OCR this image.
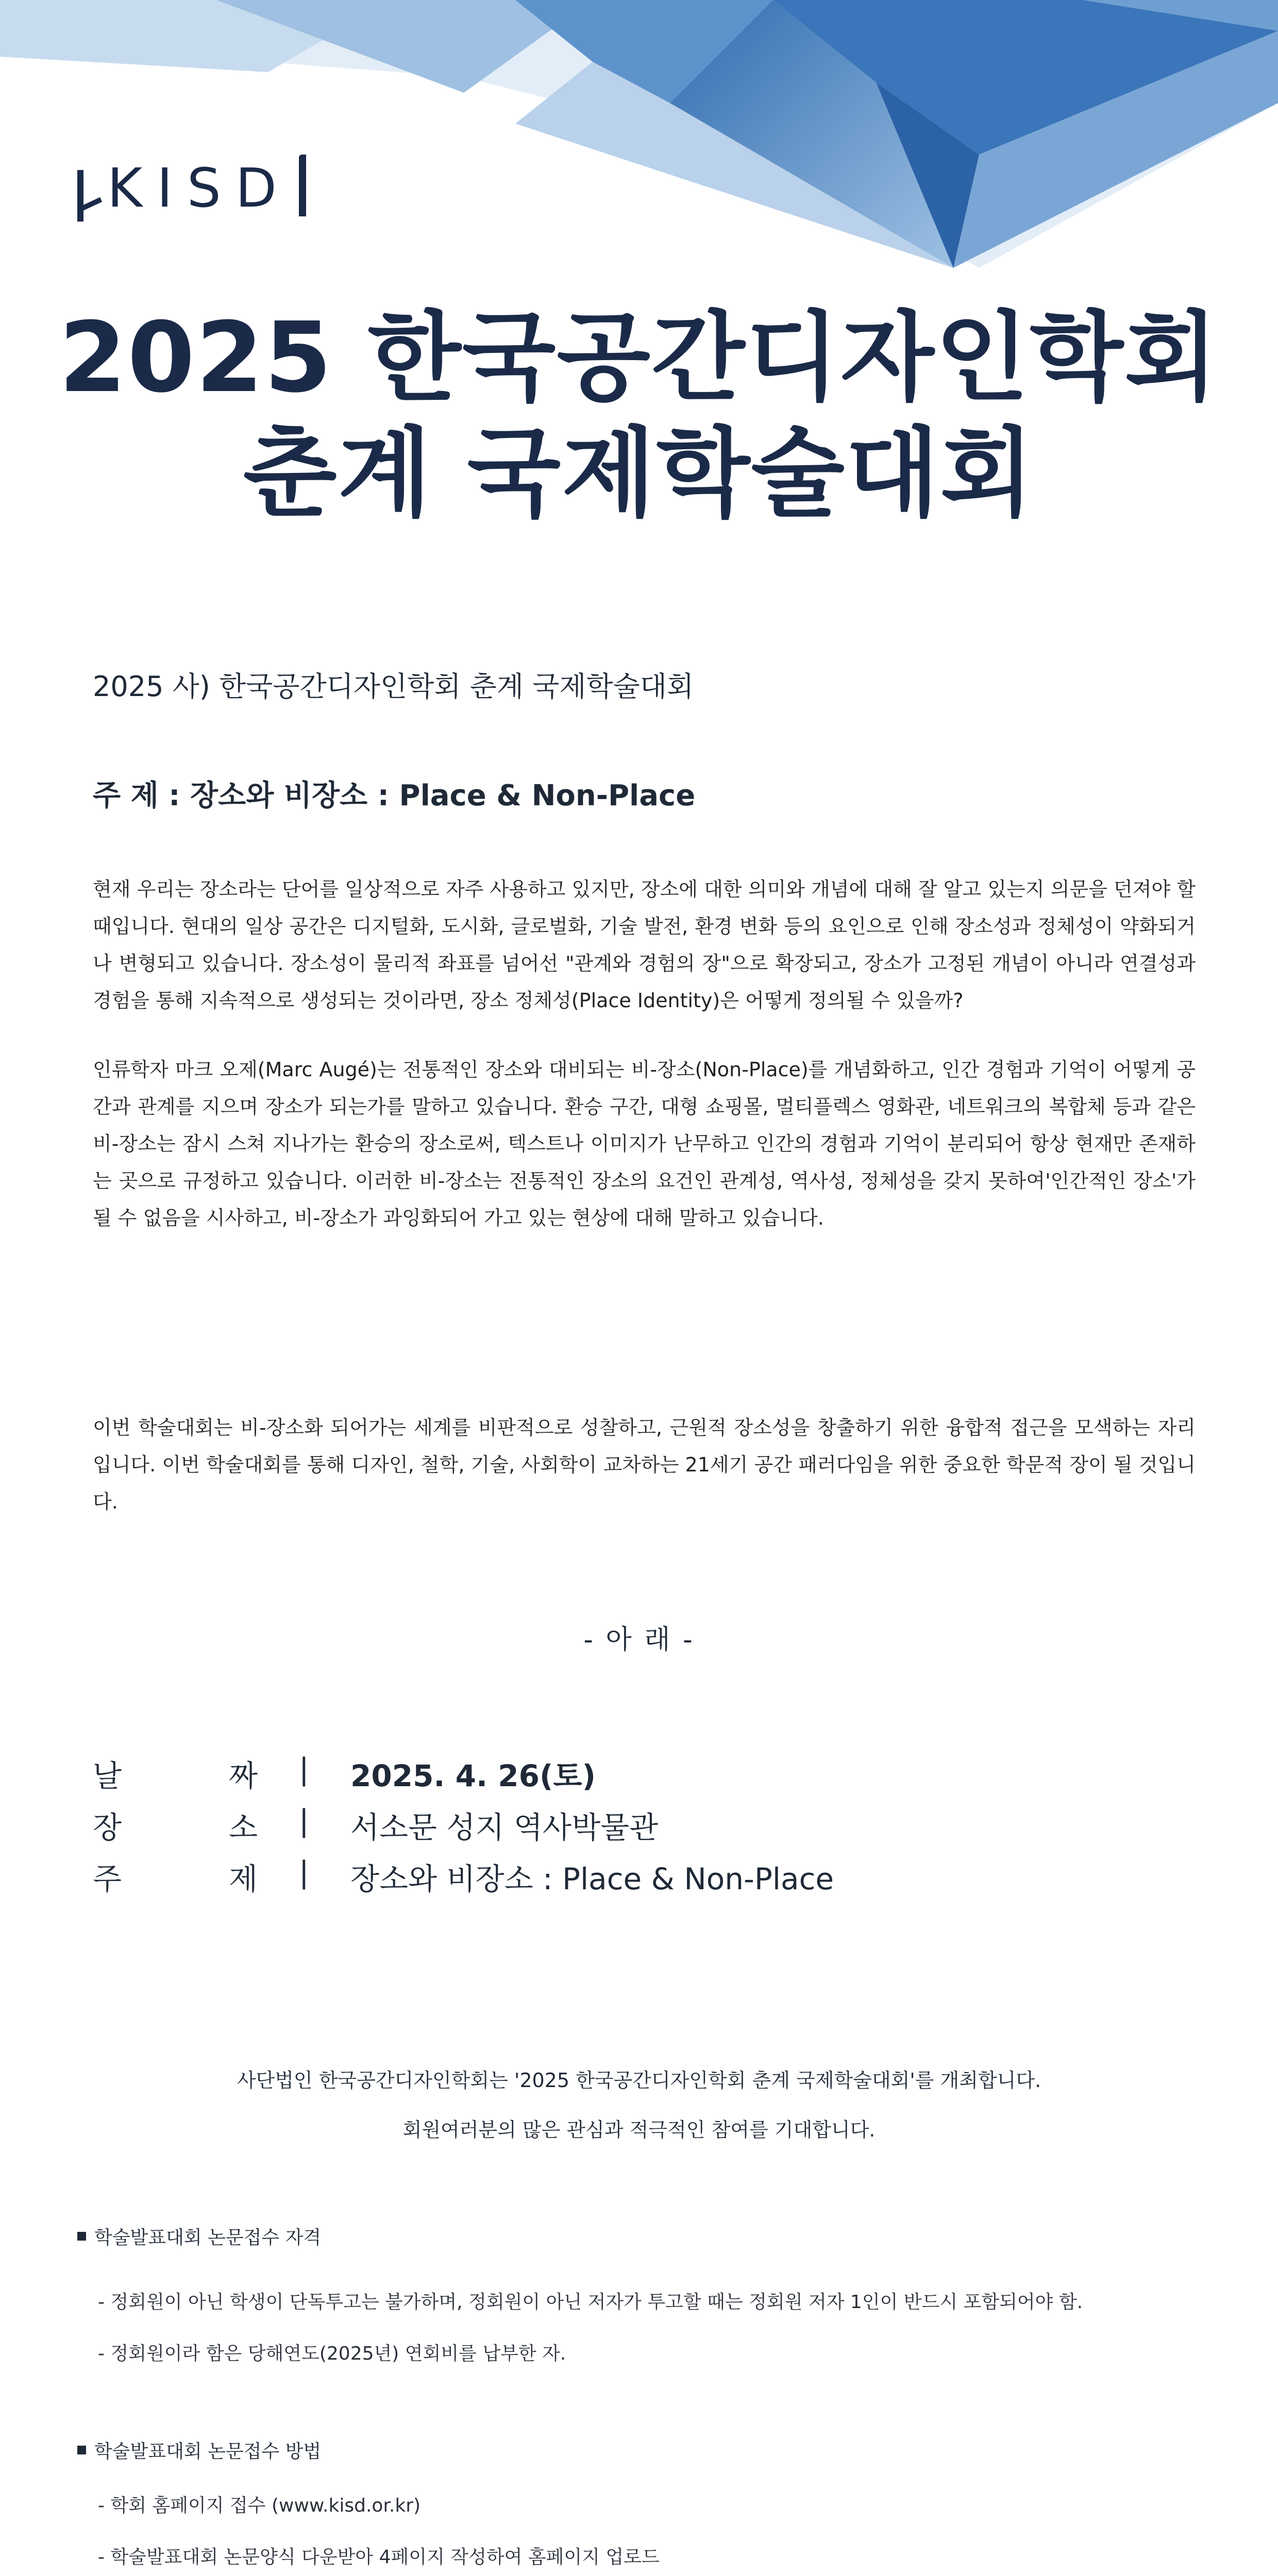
KISD
2025 한국공간디자인학회
춘계 국제학술대회
2025 사) 한국공간디자인학회 춘계 국제학술대회
주 제 : 장소와 비장소 : Place & Non-Place
현재 우리는 장소라는 단어를 일상적으로 자주 사용하고 있지만, 장소에 대한 의미와 개념에 대해 잘 알고 있는지 의문을 던져야 할 때입니다. 현대의 일상 공간은 디지털화, 도시화, 글로벌화, 기술 발전, 환경 변화 등의 요인으로 인해 장소성과 정체성이 약화되거나 변형되고 있습니다. 장소성이 물리적 좌표를 넘어선 "관계와 경험의 장"으로 확장되고, 장소가 고정된 개념이 아니라 연결성과 경험을 통해 지속적으로 생성되는 것이라면, 장소 정체성(Place Identity)은 어떻게 정의될 수 있을까?
인류학자 마크 오제(Marc Augé)는 전통적인 장소와 대비되는 비-장소(Non-Place)를 개념화하고, 인간 경험과 기억이 어떻게 공간과 관계를 지으며 장소가 되는가를 말하고 있습니다. 환승 구간, 대형 쇼핑몰, 멀티플렉스 영화관, 네트워크의 복합체 등과 같은 비-장소는 잠시 스쳐 지나가는 환승의 장소로써, 텍스트나 이미지가 난무하고 인간의 경험과 기억이 분리되어 항상 현재만 존재하는 곳으로 규정하고 있습니다. 이러한 비-장소는 전통적인 장소의 요건인 관계성, 역사성, 정체성을 갖지 못하여'인간적인 장소'가 될 수 없음을 시사하고, 비-장소가 과잉화되어 가고 있는 현상에 대해 말하고 있습니다.
이번 학술대회는 비-장소화 되어가는 세계를 비판적으로 성찰하고, 근원적 장소성을 창출하기 위한 융합적 접근을 모색하는 자리입니다. 이번 학술대회를 통해 디자인, 철학, 기술, 사회학이 교차하는 21세기 공간 패러다임을 위한 중요한 학문적 장이 될 것입니다.
- 아 래 -
날	짜 | 2025. 4. 26(토)
장	소 | 서소문 성지 역사박물관
주	제 | 장소와 비장소 : Place & Non-Place
사단법인 한국공간디자인학회는 '2025 한국공간디자인학회 춘계 국제학술대회'를 개최합니다.
회원여러분의 많은 관심과 적극적인 참여를 기대합니다.
학술발표대회 논문접수 자격
- 정회원이 아닌 학생이 단독투고는 불가하며, 정회원이 아닌 저자가 투고할 때는 정회원 저자 1인이 반드시 포함되어야 함.
- 정회원이라 함은 당해연도(2025년) 연회비를 납부한 자.
학술발표대회 논문접수 방법
- 학회 홈페이지 접수 (www.kisd.or.kr)
- 학술발표대회 논문양식 다운받아 4페이지 작성하여 홈페이지 업로드
